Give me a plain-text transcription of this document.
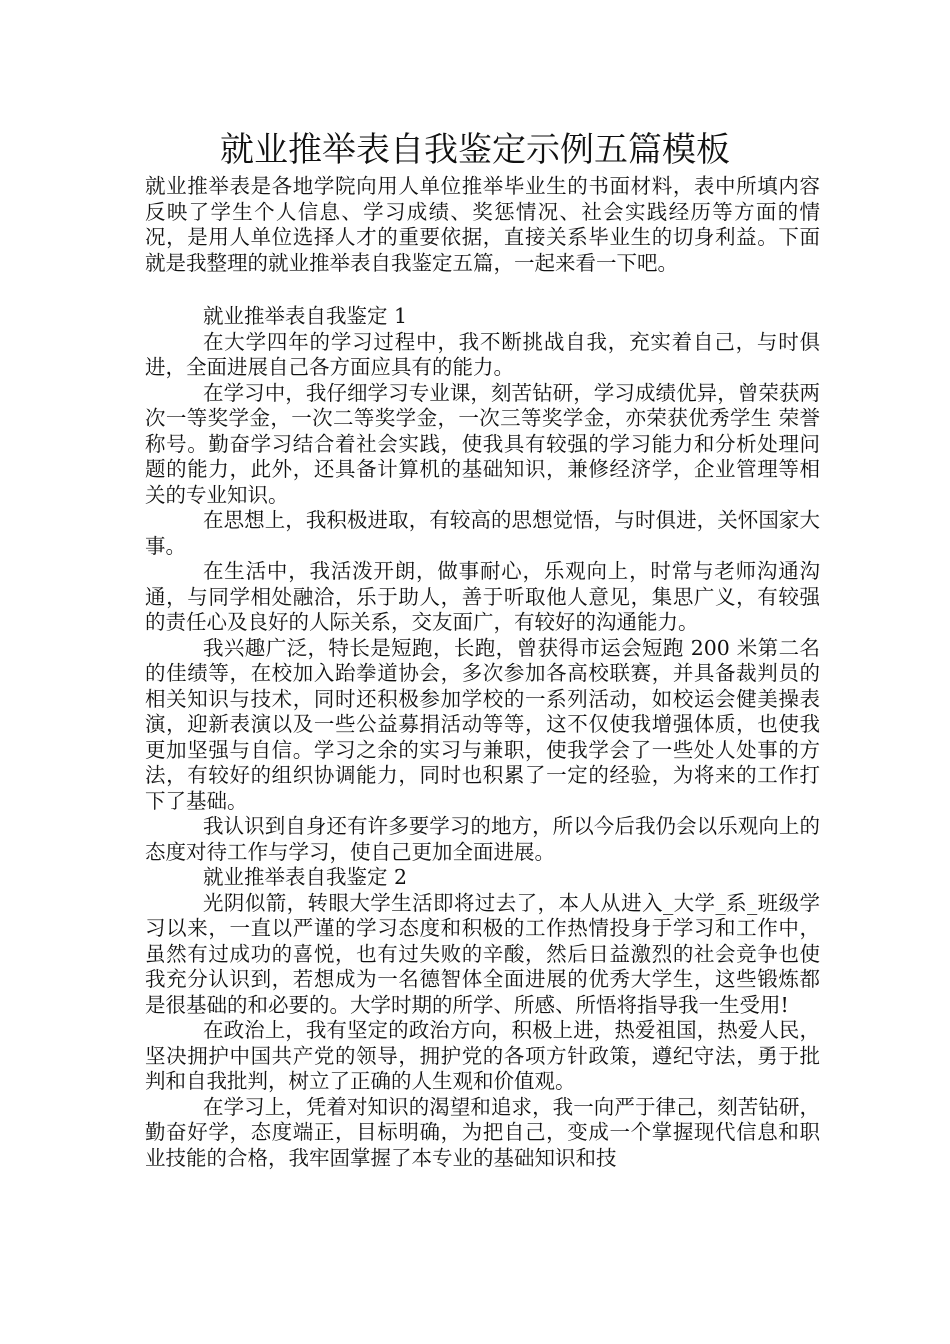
就业推举表自我鉴定示例五篇模板

就业推举表是各地学院向用人单位推举毕业生的书面材料，表中所填内容反映了学生个人信息、学习成绩、奖惩情况、社会实践经历等方面的情况，是用人单位选择人才的重要依据，直接关系毕业生的切身利益。下面就是我整理的就业推举表自我鉴定五篇，一起来看一下吧。

就业推举表自我鉴定 1

在大学四年的学习过程中，我不断挑战自我，充实着自己，与时俱进，全面进展自己各方面应具有的能力。

在学习中，我仔细学习专业课，刻苦钻研，学习成绩优异，曾荣获两次一等奖学金，一次二等奖学金，一次三等奖学金，亦荣获优秀学生 荣誉称号。勤奋学习结合着社会实践，使我具有较强的学习能力和分析处理问题的能力，此外，还具备计算机的基础知识，兼修经济学，企业管理等相关的专业知识。

在思想上，我积极进取，有较高的思想觉悟，与时俱进，关怀国家大事。

在生活中，我活泼开朗，做事耐心，乐观向上，时常与老师沟通沟通，与同学相处融洽，乐于助人，善于听取他人意见，集思广义，有较强的责任心及良好的人际关系，交友面广，有较好的沟通能力。

我兴趣广泛，特长是短跑，长跑，曾获得市运会短跑 200 米第二名的佳绩等，在校加入跆拳道协会，多次参加各高校联赛，并具备裁判员的相关知识与技术，同时还积极参加学校的一系列活动，如校运会健美操表演，迎新表演以及一些公益募捐活动等等，这不仅使我增强体质，也使我更加坚强与自信。学习之余的实习与兼职，使我学会了一些处人处事的方法，有较好的组织协调能力，同时也积累了一定的经验，为将来的工作打下了基础。

我认识到自身还有许多要学习的地方，所以今后我仍会以乐观向上的态度对待工作与学习，使自己更加全面进展。

就业推举表自我鉴定 2

光阴似箭，转眼大学生活即将过去了，本人从进入_大学_系_班级学习以来，一直以严谨的学习态度和积极的工作热情投身于学习和工作中，虽然有过成功的喜悦，也有过失败的辛酸，然后日益激烈的社会竞争也使我充分认识到，若想成为一名德智体全面进展的优秀大学生，这些锻炼都是很基础的和必要的。大学时期的所学、所感、所悟将指导我一生受用!

在政治上，我有坚定的政治方向，积极上进，热爱祖国，热爱人民，坚决拥护中国共产党的领导，拥护党的各项方针政策，遵纪守法，勇于批判和自我批判，树立了正确的人生观和价值观。

在学习上，凭着对知识的渴望和追求，我一向严于律己，刻苦钻研，勤奋好学，态度端正，目标明确，为把自己，变成一个掌握现代信息和职业技能的合格，我牢固掌握了本专业的基础知识和技
